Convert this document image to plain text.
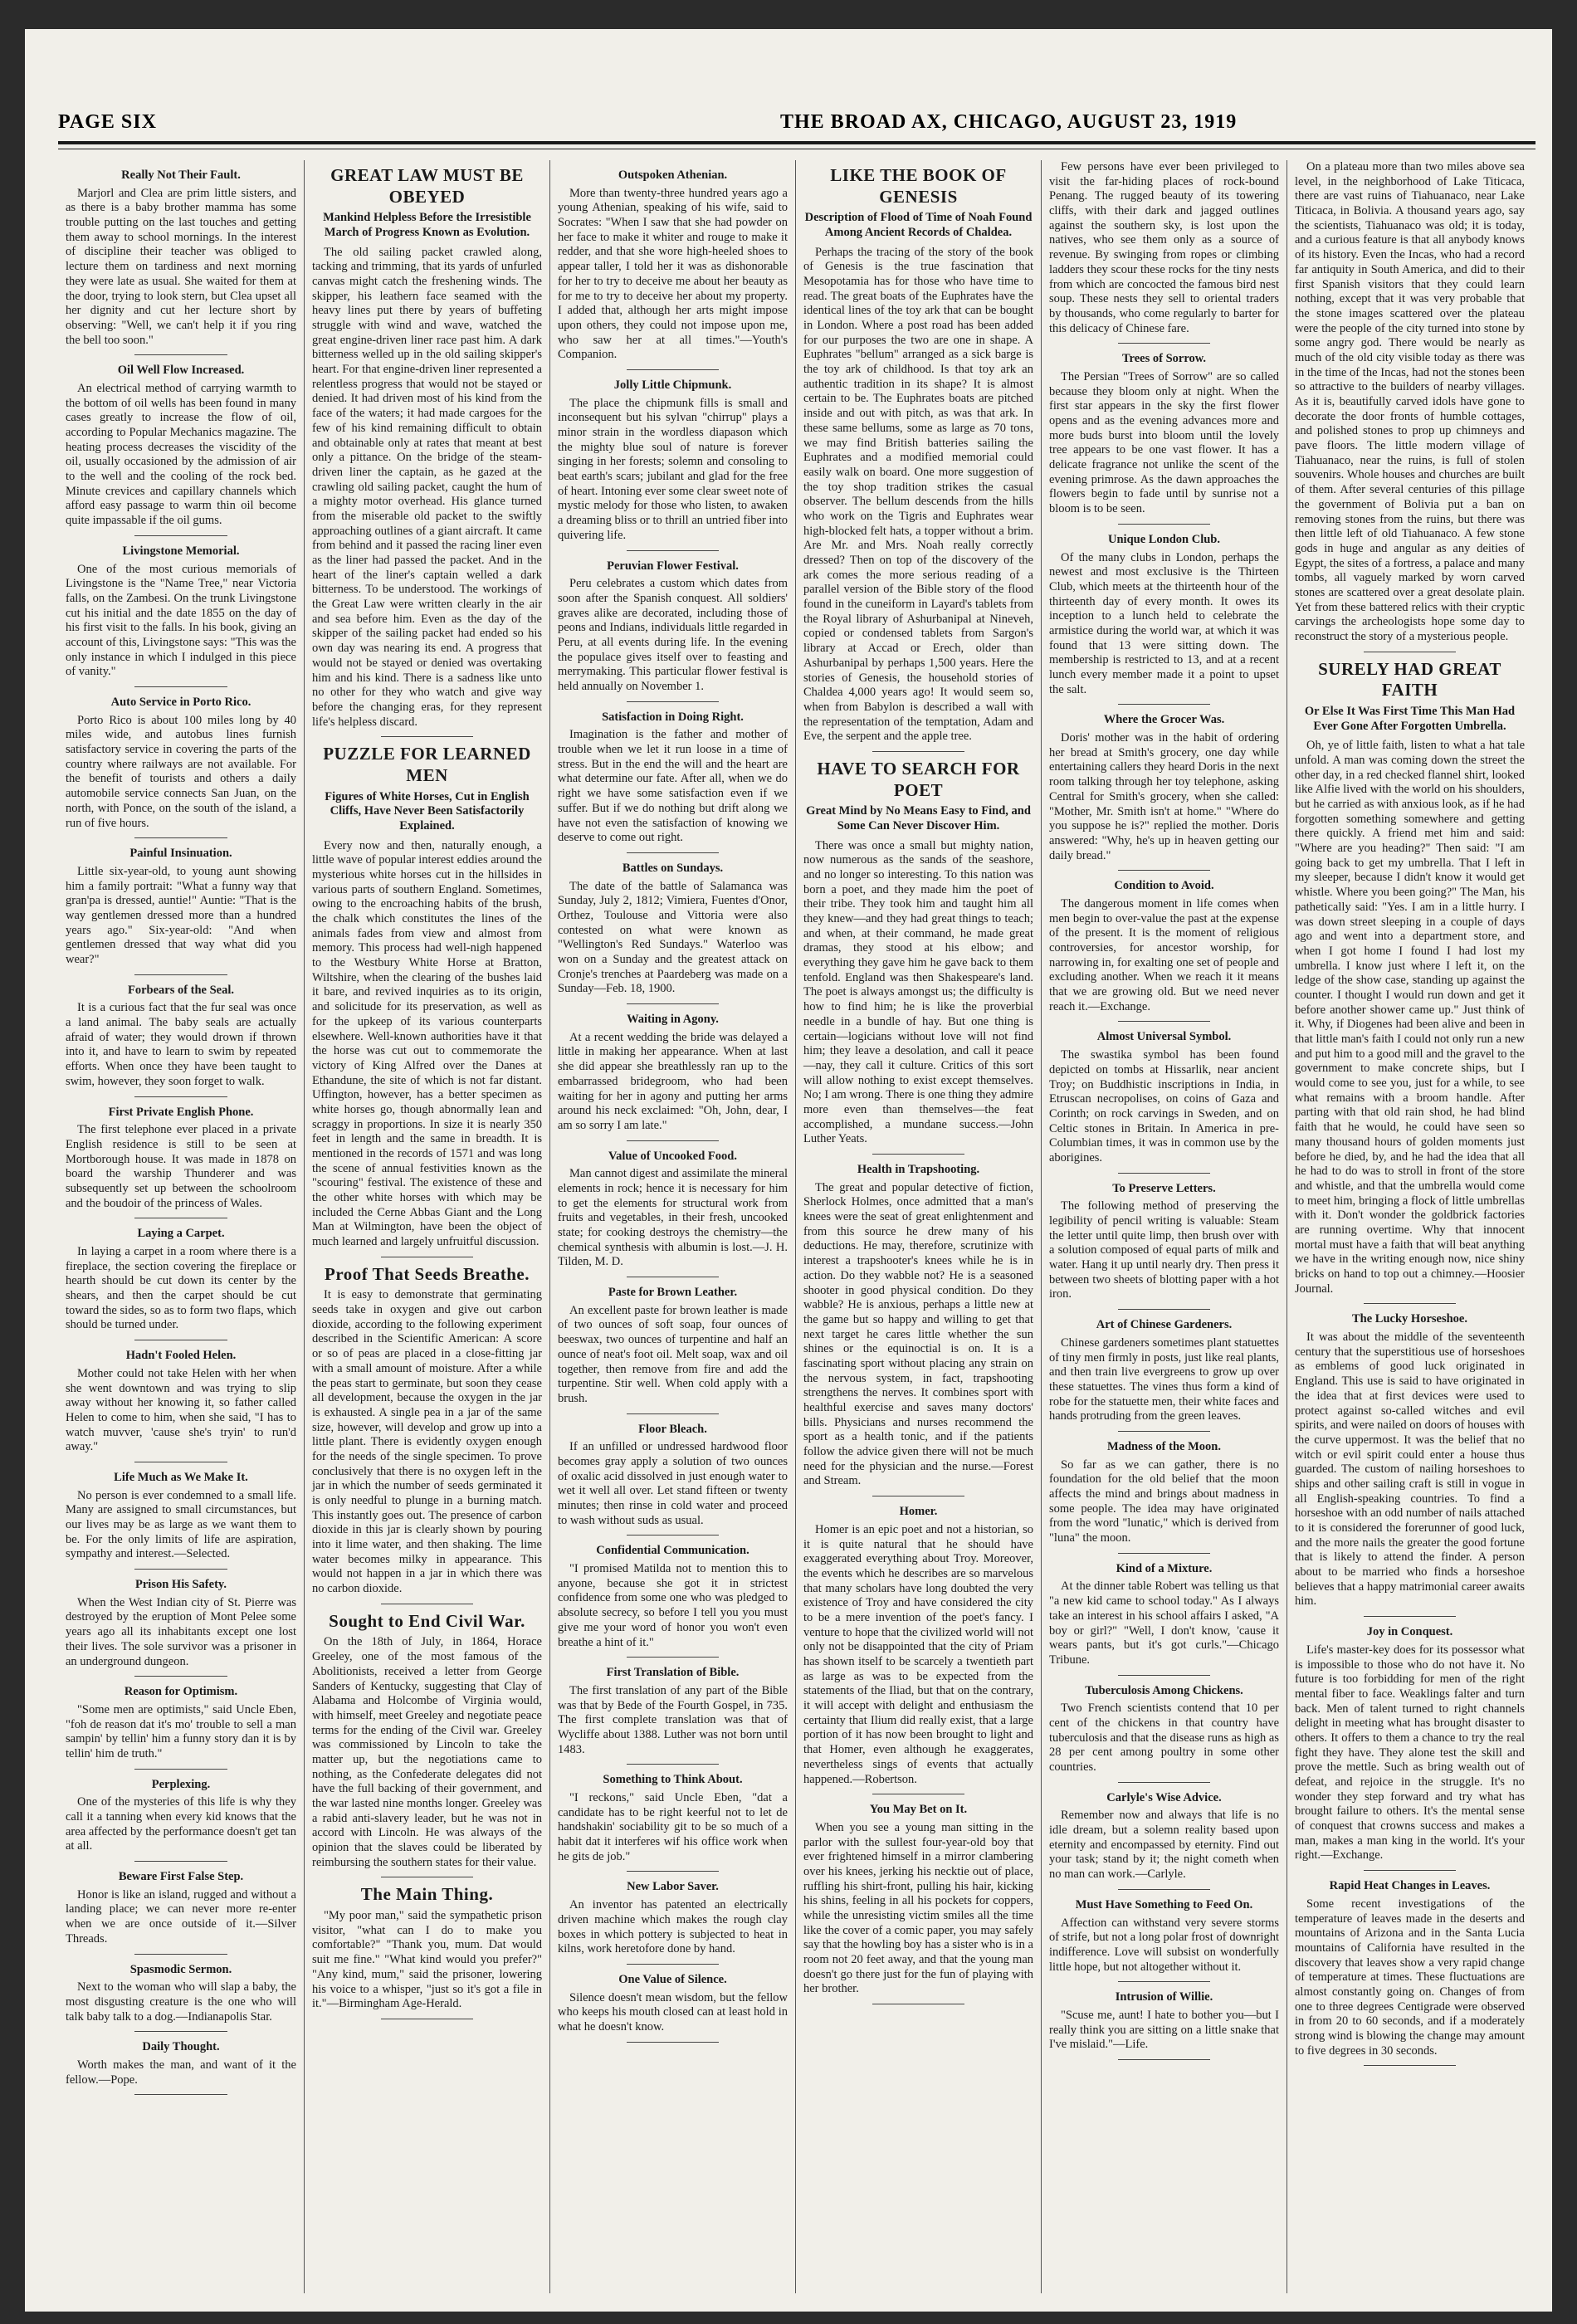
PAGE SIX	THE BROAD AX, CHICAGO, AUGUST 23, 1919
Really Not Their Fault.

Marjorl and Clea are prim little sisters, and as there is a baby brother mamma has some trouble putting on the last touches and getting them away to school mornings. In the interest of discipline their teacher was obliged to lecture them on tardiness and next morning they were late as usual. She waited for them at the door, trying to look stern, but Clea upset all her dignity and cut her lecture short by observing: "Well, we can't help it if you ring the bell too soon."

Oil Well Flow Increased.

An electrical method of carrying warmth to the bottom of oil wells has been found in many cases greatly to increase the flow of oil, according to Popular Mechanics magazine. The heating process decreases the viscidity of the oil, usually occasioned by the admission of air to the well and the cooling of the rock bed. Minute crevices and capillary channels which afford easy passage to warm thin oil become quite impassable if the oil gums.

Livingstone Memorial.

One of the most curious memorials of Livingstone is the "Name Tree," near Victoria falls, on the Zambesi. On the trunk Livingstone cut his initial and the date 1855 on the day of his first visit to the falls. In his book, giving an account of this, Livingstone says: "This was the only instance in which I indulged in this piece of vanity."

Auto Service in Porto Rico.

Porto Rico is about 100 miles long by 40 miles wide, and autobus lines furnish satisfactory service in covering the parts of the country where railways are not available. For the benefit of tourists and others a daily automobile service connects San Juan, on the north, with Ponce, on the south of the island, a run of five hours.

Painful Insinuation.

Little six-year-old, to young aunt showing him a family portrait: "What a funny way that gran'pa is dressed, auntie!" Auntie: "That is the way gentlemen dressed more than a hundred years ago." Six-year-old: "And when gentlemen dressed that way what did you wear?"

Forbears of the Seal.

It is a curious fact that the fur seal was once a land animal. The baby seals are actually afraid of water; they would drown if thrown into it, and have to learn to swim by repeated efforts. When once they have been taught to swim, however, they soon forget to walk.

First Private English Phone.

The first telephone ever placed in a private English residence is still to be seen at Mortborough house. It was made in 1878 on board the warship Thunderer and was subsequently set up between the schoolroom and the boudoir of the princess of Wales.

Laying a Carpet.

In laying a carpet in a room where there is a fireplace, the section covering the fireplace or hearth should be cut down its center by the shears, and then the carpet should be cut toward the sides, so as to form two flaps, which should be turned under.

Hadn't Fooled Helen.

Mother could not take Helen with her when she went downtown and was trying to slip away without her knowing it, so father called Helen to come to him, when she said, "I has to watch muvver, 'cause she's tryin' to run'd away."

Life Much as We Make It.

No person is ever condemned to a small life. Many are assigned to small circumstances, but our lives may be as large as we want them to be. For the only limits of life are aspiration, sympathy and interest.—Selected.

Prison His Safety.

When the West Indian city of St. Pierre was destroyed by the eruption of Mont Pelee some years ago all its inhabitants except one lost their lives. The sole survivor was a prisoner in an underground dungeon.

Reason for Optimism.

"Some men are optimists," said Uncle Eben, "foh de reason dat it's mo' trouble to sell a man sampin' by tellin' him a funny story dan it is by tellin' him de truth."

Perplexing.

One of the mysteries of this life is why they call it a tanning when every kid knows that the area affected by the performance doesn't get tan at all.

Beware First False Step.

Honor is like an island, rugged and without a landing place; we can never more re-enter when we are once outside of it.—Silver Threads.

Spasmodic Sermon.

Next to the woman who will slap a baby, the most disgusting creature is the one who will talk baby talk to a dog.—Indianapolis Star.

Daily Thought.

Worth makes the man, and want of it the fellow.—Pope.

GREAT LAW MUST BE OBEYED
Mankind Helpless Before the Irresistible March of Progress Known as Evolution.

The old sailing packet crawled along, tacking and trimming, that its yards of unfurled canvas might catch the freshening winds. The skipper, his leathern face seamed with the heavy lines put there by years of buffeting struggle with wind and wave, watched the great engine-driven liner race past him. A dark bitterness welled up in the old sailing skipper's heart. For that engine-driven liner represented a relentless progress that would not be stayed or denied. It had driven most of his kind from the face of the waters; it had made cargoes for the few of his kind remaining difficult to obtain and obtainable only at rates that meant at best only a pittance. On the bridge of the steam-driven liner the captain, as he gazed at the crawling old sailing packet, caught the hum of a mighty motor overhead. His glance turned from the miserable old packet to the swiftly approaching outlines of a giant aircraft. It came from behind and it passed the racing liner even as the liner had passed the packet. And in the heart of the liner's captain welled a dark bitterness. To be understood. The workings of the Great Law were written clearly in the air and sea before him. Even as the day of the skipper of the sailing packet had ended so his own day was nearing its end. A progress that would not be stayed or denied was overtaking him and his kind. There is a sadness like unto no other for they who watch and give way before the changing eras, for they represent life's helpless discard.

PUZZLE FOR LEARNED MEN
Figures of White Horses, Cut in English Cliffs, Have Never Been Satisfactorily Explained.

Every now and then, naturally enough, a little wave of popular interest eddies around the mysterious white horses cut in the hillsides in various parts of southern England. Sometimes, owing to the encroaching habits of the brush, the chalk which constitutes the lines of the animals fades from view and almost from memory. This process had well-nigh happened to the Westbury White Horse at Bratton, Wiltshire, when the clearing of the bushes laid it bare, and revived inquiries as to its origin, and solicitude for its preservation, as well as for the upkeep of its various counterparts elsewhere. Well-known authorities have it that the horse was cut out to commemorate the victory of King Alfred over the Danes at Ethandune, the site of which is not far distant. Uffington, however, has a better specimen as white horses go, though abnormally lean and scraggy in proportions. In size it is nearly 350 feet in length and the same in breadth. It is mentioned in the records of 1571 and was long the scene of annual festivities known as the "scouring" festival. The existence of these and the other white horses with which may be included the Cerne Abbas Giant and the Long Man at Wilmington, have been the object of much learned and largely unfruitful discussion.

Proof That Seeds Breathe.

It is easy to demonstrate that germinating seeds take in oxygen and give out carbon dioxide, according to the following experiment described in the Scientific American: A score or so of peas are placed in a close-fitting jar with a small amount of moisture. After a while the peas start to germinate, but soon they cease all development, because the oxygen in the jar is exhausted. A single pea in a jar of the same size, however, will develop and grow up into a little plant. There is evidently oxygen enough for the needs of the single specimen. To prove conclusively that there is no oxygen left in the jar in which the number of seeds germinated it is only needful to plunge in a burning match. This instantly goes out. The presence of carbon dioxide in this jar is clearly shown by pouring into it lime water, and then shaking. The lime water becomes milky in appearance. This would not happen in a jar in which there was no carbon dioxide.

Sought to End Civil War.

On the 18th of July, in 1864, Horace Greeley, one of the most famous of the Abolitionists, received a letter from George Sanders of Kentucky, suggesting that Clay of Alabama and Holcombe of Virginia would, with himself, meet Greeley and negotiate peace terms for the ending of the Civil war. Greeley was commissioned by Lincoln to take the matter up, but the negotiations came to nothing, as the Confederate delegates did not have the full backing of their government, and the war lasted nine months longer. Greeley was a rabid anti-slavery leader, but he was not in accord with Lincoln. He was always of the opinion that the slaves could be liberated by reimbursing the southern states for their value.

The Main Thing.

"My poor man," said the sympathetic prison visitor, "what can I do to make you comfortable?" "Thank you, mum. Dat would suit me fine." "What kind would you prefer?" "Any kind, mum," said the prisoner, lowering his voice to a whisper, "just so it's got a file in it."—Birmingham Age-Herald.

Outspoken Athenian.

More than twenty-three hundred years ago a young Athenian, speaking of his wife, said to Socrates: "When I saw that she had powder on her face to make it whiter and rouge to make it redder, and that she wore high-heeled shoes to appear taller, I told her it was as dishonorable for her to try to deceive me about her beauty as for me to try to deceive her about my property. I added that, although her arts might impose upon others, they could not impose upon me, who saw her at all times."—Youth's Companion.

Jolly Little Chipmunk.

The place the chipmunk fills is small and inconsequent but his sylvan "chirrup" plays a minor strain in the wordless diapason which the mighty blue soul of nature is forever singing in her forests; solemn and consoling to beat earth's scars; jubilant and glad for the free of heart. Intoning ever some clear sweet note of mystic melody for those who listen, to awaken a dreaming bliss or to thrill an untried fiber into quivering life.

Peruvian Flower Festival.

Peru celebrates a custom which dates from soon after the Spanish conquest. All soldiers' graves alike are decorated, including those of peons and Indians, individuals little regarded in Peru, at all events during life. In the evening the populace gives itself over to feasting and merrymaking. This particular flower festival is held annually on November 1.

Satisfaction in Doing Right.

Imagination is the father and mother of trouble when we let it run loose in a time of stress. But in the end the will and the heart are what determine our fate. After all, when we do right we have some satisfaction even if we suffer. But if we do nothing but drift along we have not even the satisfaction of knowing we deserve to come out right.

Battles on Sundays.

The date of the battle of Salamanca was Sunday, July 2, 1812; Vimiera, Fuentes d'Onor, Orthez, Toulouse and Vittoria were also contested on what were known as "Wellington's Red Sundays." Waterloo was won on a Sunday and the greatest attack on Cronje's trenches at Paardeberg was made on a Sunday—Feb. 18, 1900.

Waiting in Agony.

At a recent wedding the bride was delayed a little in making her appearance. When at last she did appear she breathlessly ran up to the embarrassed bridegroom, who had been waiting for her in agony and putting her arms around his neck exclaimed: "Oh, John, dear, I am so sorry I am late."

Value of Uncooked Food.

Man cannot digest and assimilate the mineral elements in rock; hence it is necessary for him to get the elements for structural work from fruits and vegetables, in their fresh, uncooked state; for cooking destroys the chemistry—the chemical synthesis with albumin is lost.—J. H. Tilden, M. D.

Paste for Brown Leather.

An excellent paste for brown leather is made of two ounces of soft soap, four ounces of beeswax, two ounces of turpentine and half an ounce of neat's foot oil. Melt soap, wax and oil together, then remove from fire and add the turpentine. Stir well. When cold apply with a brush.

Floor Bleach.

If an unfilled or undressed hardwood floor becomes gray apply a solution of two ounces of oxalic acid dissolved in just enough water to wet it well all over. Let stand fifteen or twenty minutes; then rinse in cold water and proceed to wash without suds as usual.

Confidential Communication.

"I promised Matilda not to mention this to anyone, because she got it in strictest confidence from some one who was pledged to absolute secrecy, so before I tell you you must give me your word of honor you won't even breathe a hint of it."

First Translation of Bible.

The first translation of any part of the Bible was that by Bede of the Fourth Gospel, in 735. The first complete translation was that of Wycliffe about 1388. Luther was not born until 1483.

Something to Think About.

"I reckons," said Uncle Eben, "dat a candidate has to be right keerful not to let de handshakin' sociability git to be so much of a habit dat it interferes wif his office work when he gits de job."

New Labor Saver.

An inventor has patented an electrically driven machine which makes the rough clay boxes in which pottery is subjected to heat in kilns, work heretofore done by hand.

One Value of Silence.

Silence doesn't mean wisdom, but the fellow who keeps his mouth closed can at least hold in what he doesn't know.

LIKE THE BOOK OF GENESIS
Description of Flood of Time of Noah Found Among Ancient Records of Chaldea.

Perhaps the tracing of the story of the book of Genesis is the true fascination that Mesopotamia has for those who have time to read. The great boats of the Euphrates have the identical lines of the toy ark that can be bought in London. Where a post road has been added for our purposes the two are one in shape. A Euphrates "bellum" arranged as a sick barge is the toy ark of childhood. Is that toy ark an authentic tradition in its shape? It is almost certain to be. The Euphrates boats are pitched inside and out with pitch, as was that ark. In these same bellums, some as large as 70 tons, we may find British batteries sailing the Euphrates and a modified memorial could easily walk on board. One more suggestion of the toy shop tradition strikes the casual observer. The bellum descends from the hills who work on the Tigris and Euphrates wear high-blocked felt hats, a topper without a brim. Are Mr. and Mrs. Noah really correctly dressed? Then on top of the discovery of the ark comes the more serious reading of a parallel version of the Bible story of the flood found in the cuneiform in Layard's tablets from the Royal library of Ashurbanipal at Nineveh, copied or condensed tablets from Sargon's library at Accad or Erech, older than Ashurbanipal by perhaps 1,500 years. Here the stories of Genesis, the household stories of Chaldea 4,000 years ago! It would seem so, when from Babylon is described a wall with the representation of the temptation, Adam and Eve, the serpent and the apple tree.

HAVE TO SEARCH FOR POET
Great Mind by No Means Easy to Find, and Some Can Never Discover Him.

There was once a small but mighty nation, now numerous as the sands of the seashore, and no longer so interesting. To this nation was born a poet, and they made him the poet of their tribe. They took him and taught him all they knew—and they had great things to teach; and when, at their command, he made great dramas, they stood at his elbow; and everything they gave him he gave back to them tenfold. England was then Shakespeare's land. The poet is always amongst us; the difficulty is how to find him; he is like the proverbial needle in a bundle of hay. But one thing is certain—logicians without love will not find him; they leave a desolation, and call it peace—nay, they call it culture. Critics of this sort will allow nothing to exist except themselves. No; I am wrong. There is one thing they admire more even than themselves—the feat accomplished, a mundane success.—John Luther Yeats.

Health in Trapshooting.

The great and popular detective of fiction, Sherlock Holmes, once admitted that a man's knees were the seat of great enlightenment and from this source he drew many of his deductions. He may, therefore, scrutinize with interest a trapshooter's knees while he is in action. Do they wabble not? He is a seasoned shooter in good physical condition. Do they wabble? He is anxious, perhaps a little new at the game but so happy and willing to get that next target he cares little whether the sun shines or the equinoctial is on. It is a fascinating sport without placing any strain on the nervous system, in fact, trapshooting strengthens the nerves. It combines sport with healthful exercise and saves many doctors' bills. Physicians and nurses recommend the sport as a health tonic, and if the patients follow the advice given there will not be much need for the physician and the nurse.—Forest and Stream.

Homer.

Homer is an epic poet and not a historian, so it is quite natural that he should have exaggerated everything about Troy. Moreover, the events which he describes are so marvelous that many scholars have long doubted the very existence of Troy and have considered the city to be a mere invention of the poet's fancy. I venture to hope that the civilized world will not only not be disappointed that the city of Priam has shown itself to be scarcely a twentieth part as large as was to be expected from the statements of the Iliad, but that on the contrary, it will accept with delight and enthusiasm the certainty that Ilium did really exist, that a large portion of it has now been brought to light and that Homer, even although he exaggerates, nevertheless sings of events that actually happened.—Robertson.

You May Bet on It.

When you see a young man sitting in the parlor with the sullest four-year-old boy that ever frightened himself in a mirror clambering over his knees, jerking his necktie out of place, ruffling his shirt-front, pulling his hair, kicking his shins, feeling in all his pockets for coppers, while the unresisting victim smiles all the time like the cover of a comic paper, you may safely say that the howling boy has a sister who is in a room not 20 feet away, and that the young man doesn't go there just for the fun of playing with her brother.

Few persons have ever been privileged to visit the far-hiding places of rock-bound Penang. The rugged beauty of its towering cliffs, with their dark and jagged outlines against the southern sky, is lost upon the natives, who see them only as a source of revenue. By swinging from ropes or climbing ladders they scour these rocks for the tiny nests from which are concocted the famous bird nest soup. These nests they sell to oriental traders by thousands, who come regularly to barter for this delicacy of Chinese fare.

Trees of Sorrow.

The Persian "Trees of Sorrow" are so called because they bloom only at night. When the first star appears in the sky the first flower opens and as the evening advances more and more buds burst into bloom until the lovely tree appears to be one vast flower. It has a delicate fragrance not unlike the scent of the evening primrose. As the dawn approaches the flowers begin to fade until by sunrise not a bloom is to be seen.

Unique London Club.

Of the many clubs in London, perhaps the newest and most exclusive is the Thirteen Club, which meets at the thirteenth hour of the thirteenth day of every month. It owes its inception to a lunch held to celebrate the armistice during the world war, at which it was found that 13 were sitting down. The membership is restricted to 13, and at a recent lunch every member made it a point to upset the salt.

Where the Grocer Was.

Doris' mother was in the habit of ordering her bread at Smith's grocery, one day while entertaining callers they heard Doris in the next room talking through her toy telephone, asking Central for Smith's grocery, when she called: "Mother, Mr. Smith isn't at home." "Where do you suppose he is?" replied the mother. Doris answered: "Why, he's up in heaven getting our daily bread."

Condition to Avoid.

The dangerous moment in life comes when men begin to over-value the past at the expense of the present. It is the moment of religious controversies, for ancestor worship, for narrowing in, for exalting one set of people and excluding another. When we reach it it means that we are growing old. But we need never reach it.—Exchange.

Almost Universal Symbol.

The swastika symbol has been found depicted on tombs at Hissarlik, near ancient Troy; on Buddhistic inscriptions in India, in Etruscan necropolises, on coins of Gaza and Corinth; on rock carvings in Sweden, and on Celtic stones in Britain. In America in pre-Columbian times, it was in common use by the aborigines.

To Preserve Letters.

The following method of preserving the legibility of pencil writing is valuable: Steam the letter until quite limp, then brush over with a solution composed of equal parts of milk and water. Hang it up until nearly dry. Then press it between two sheets of blotting paper with a hot iron.

Art of Chinese Gardeners.

Chinese gardeners sometimes plant statuettes of tiny men firmly in posts, just like real plants, and then train live evergreens to grow up over these statuettes. The vines thus form a kind of robe for the statuette men, their white faces and hands protruding from the green leaves.

Madness of the Moon.

So far as we can gather, there is no foundation for the old belief that the moon affects the mind and brings about madness in some people. The idea may have originated from the word "lunatic," which is derived from "luna" the moon.

Kind of a Mixture.

At the dinner table Robert was telling us that "a new kid came to school today." As I always take an interest in his school affairs I asked, "A boy or girl?" "Well, I don't know, 'cause it wears pants, but it's got curls."—Chicago Tribune.

Tuberculosis Among Chickens.

Two French scientists contend that 10 per cent of the chickens in that country have tuberculosis and that the disease runs as high as 28 per cent among poultry in some other countries.

Carlyle's Wise Advice.

Remember now and always that life is no idle dream, but a solemn reality based upon eternity and encompassed by eternity. Find out your task; stand by it; the night cometh when no man can work.—Carlyle.

Must Have Something to Feed On.

Affection can withstand very severe storms of strife, but not a long polar frost of downright indifference. Love will subsist on wonderfully little hope, but not altogether without it.

Intrusion of Willie.

"Scuse me, aunt! I hate to bother you—but I really think you are sitting on a little snake that I've mislaid."—Life.

On a plateau more than two miles above sea level, in the neighborhood of Lake Titicaca, there are vast ruins of Tiahuanaco, near Lake Titicaca, in Bolivia. A thousand years ago, say the scientists, Tiahuanaco was old; it is today, and a curious feature is that all anybody knows of its history. Even the Incas, who had a record far antiquity in South America, and did to their first Spanish visitors that they could learn nothing, except that it was very probable that the stone images scattered over the plateau were the people of the city turned into stone by some angry god. There would be nearly as much of the old city visible today as there was in the time of the Incas, had not the stones been so attractive to the builders of nearby villages. As it is, beautifully carved idols have gone to decorate the door fronts of humble cottages, and polished stones to prop up chimneys and pave floors. The little modern village of Tiahuanaco, near the ruins, is full of stolen souvenirs. Whole houses and churches are built of them. After several centuries of this pillage the government of Bolivia put a ban on removing stones from the ruins, but there was then little left of old Tiahuanaco. A few stone gods in huge and angular as any deities of Egypt, the sites of a fortress, a palace and many tombs, all vaguely marked by worn carved stones are scattered over a great desolate plain. Yet from these battered relics with their cryptic carvings the archeologists hope some day to reconstruct the story of a mysterious people.

SURELY HAD GREAT FAITH
Or Else It Was First Time This Man Had Ever Gone After Forgotten Umbrella.

Oh, ye of little faith, listen to what a hat tale unfold. A man was coming down the street the other day, in a red checked flannel shirt, looked like Alfie lived with the world on his shoulders, but he carried as with anxious look, as if he had forgotten something somewhere and getting there quickly. A friend met him and said: "Where are you heading?" Then said: "I am going back to get my umbrella. That I left in my sleeper, because I didn't know it would get whistle. Where you been going?" The Man, his pathetically said: "Yes. I am in a little hurry. I was down street sleeping in a couple of days ago and went into a department store, and when I got home I found I had lost my umbrella. I know just where I left it, on the ledge of the show case, standing up against the counter. I thought I would run down and get it before another shower came up." Just think of it. Why, if Diogenes had been alive and been in that little man's faith I could not only run a new and put him to a good mill and the gravel to the government to make concrete ships, but I would come to see you, just for a while, to see what remains with a broom handle. After parting with that old rain shod, he had blind faith that he would, he could have seen so many thousand hours of golden moments just before he died, by, and he had the idea that all he had to do was to stroll in front of the store and whistle, and that the umbrella would come to meet him, bringing a flock of little umbrellas with it. Don't wonder the goldbrick factories are running overtime. Why that innocent mortal must have a faith that will beat anything we have in the writing enough now, nice shiny bricks on hand to top out a chimney.—Hoosier Journal.

The Lucky Horseshoe.

It was about the middle of the seventeenth century that the superstitious use of horseshoes as emblems of good luck originated in England. This use is said to have originated in the idea that at first devices were used to protect against so-called witches and evil spirits, and were nailed on doors of houses with the curve uppermost. It was the belief that no witch or evil spirit could enter a house thus guarded. The custom of nailing horseshoes to ships and other sailing craft is still in vogue in all English-speaking countries. To find a horseshoe with an odd number of nails attached to it is considered the forerunner of good luck, and the more nails the greater the good fortune that is likely to attend the finder. A person about to be married who finds a horseshoe believes that a happy matrimonial career awaits him.

Joy in Conquest.

Life's master-key does for its possessor what is impossible to those who do not have it. No future is too forbidding for men of the right mental fiber to face. Weaklings falter and turn back. Men of talent turned to right channels delight in meeting what has brought disaster to others. It offers to them a chance to try the real fight they have. They alone test the skill and prove the mettle. Such as bring wealth out of defeat, and rejoice in the struggle. It's no wonder they step forward and try what has brought failure to others. It's the mental sense of conquest that crowns success and makes a man, makes a man king in the world. It's your right.—Exchange.

Rapid Heat Changes in Leaves.

Some recent investigations of the temperature of leaves made in the deserts and mountains of Arizona and in the Santa Lucia mountains of California have resulted in the discovery that leaves show a very rapid change of temperature at times. These fluctuations are almost constantly going on. Changes of from one to three degrees Centigrade were observed in from 20 to 60 seconds, and if a moderately strong wind is blowing the change may amount to five degrees in 30 seconds.
